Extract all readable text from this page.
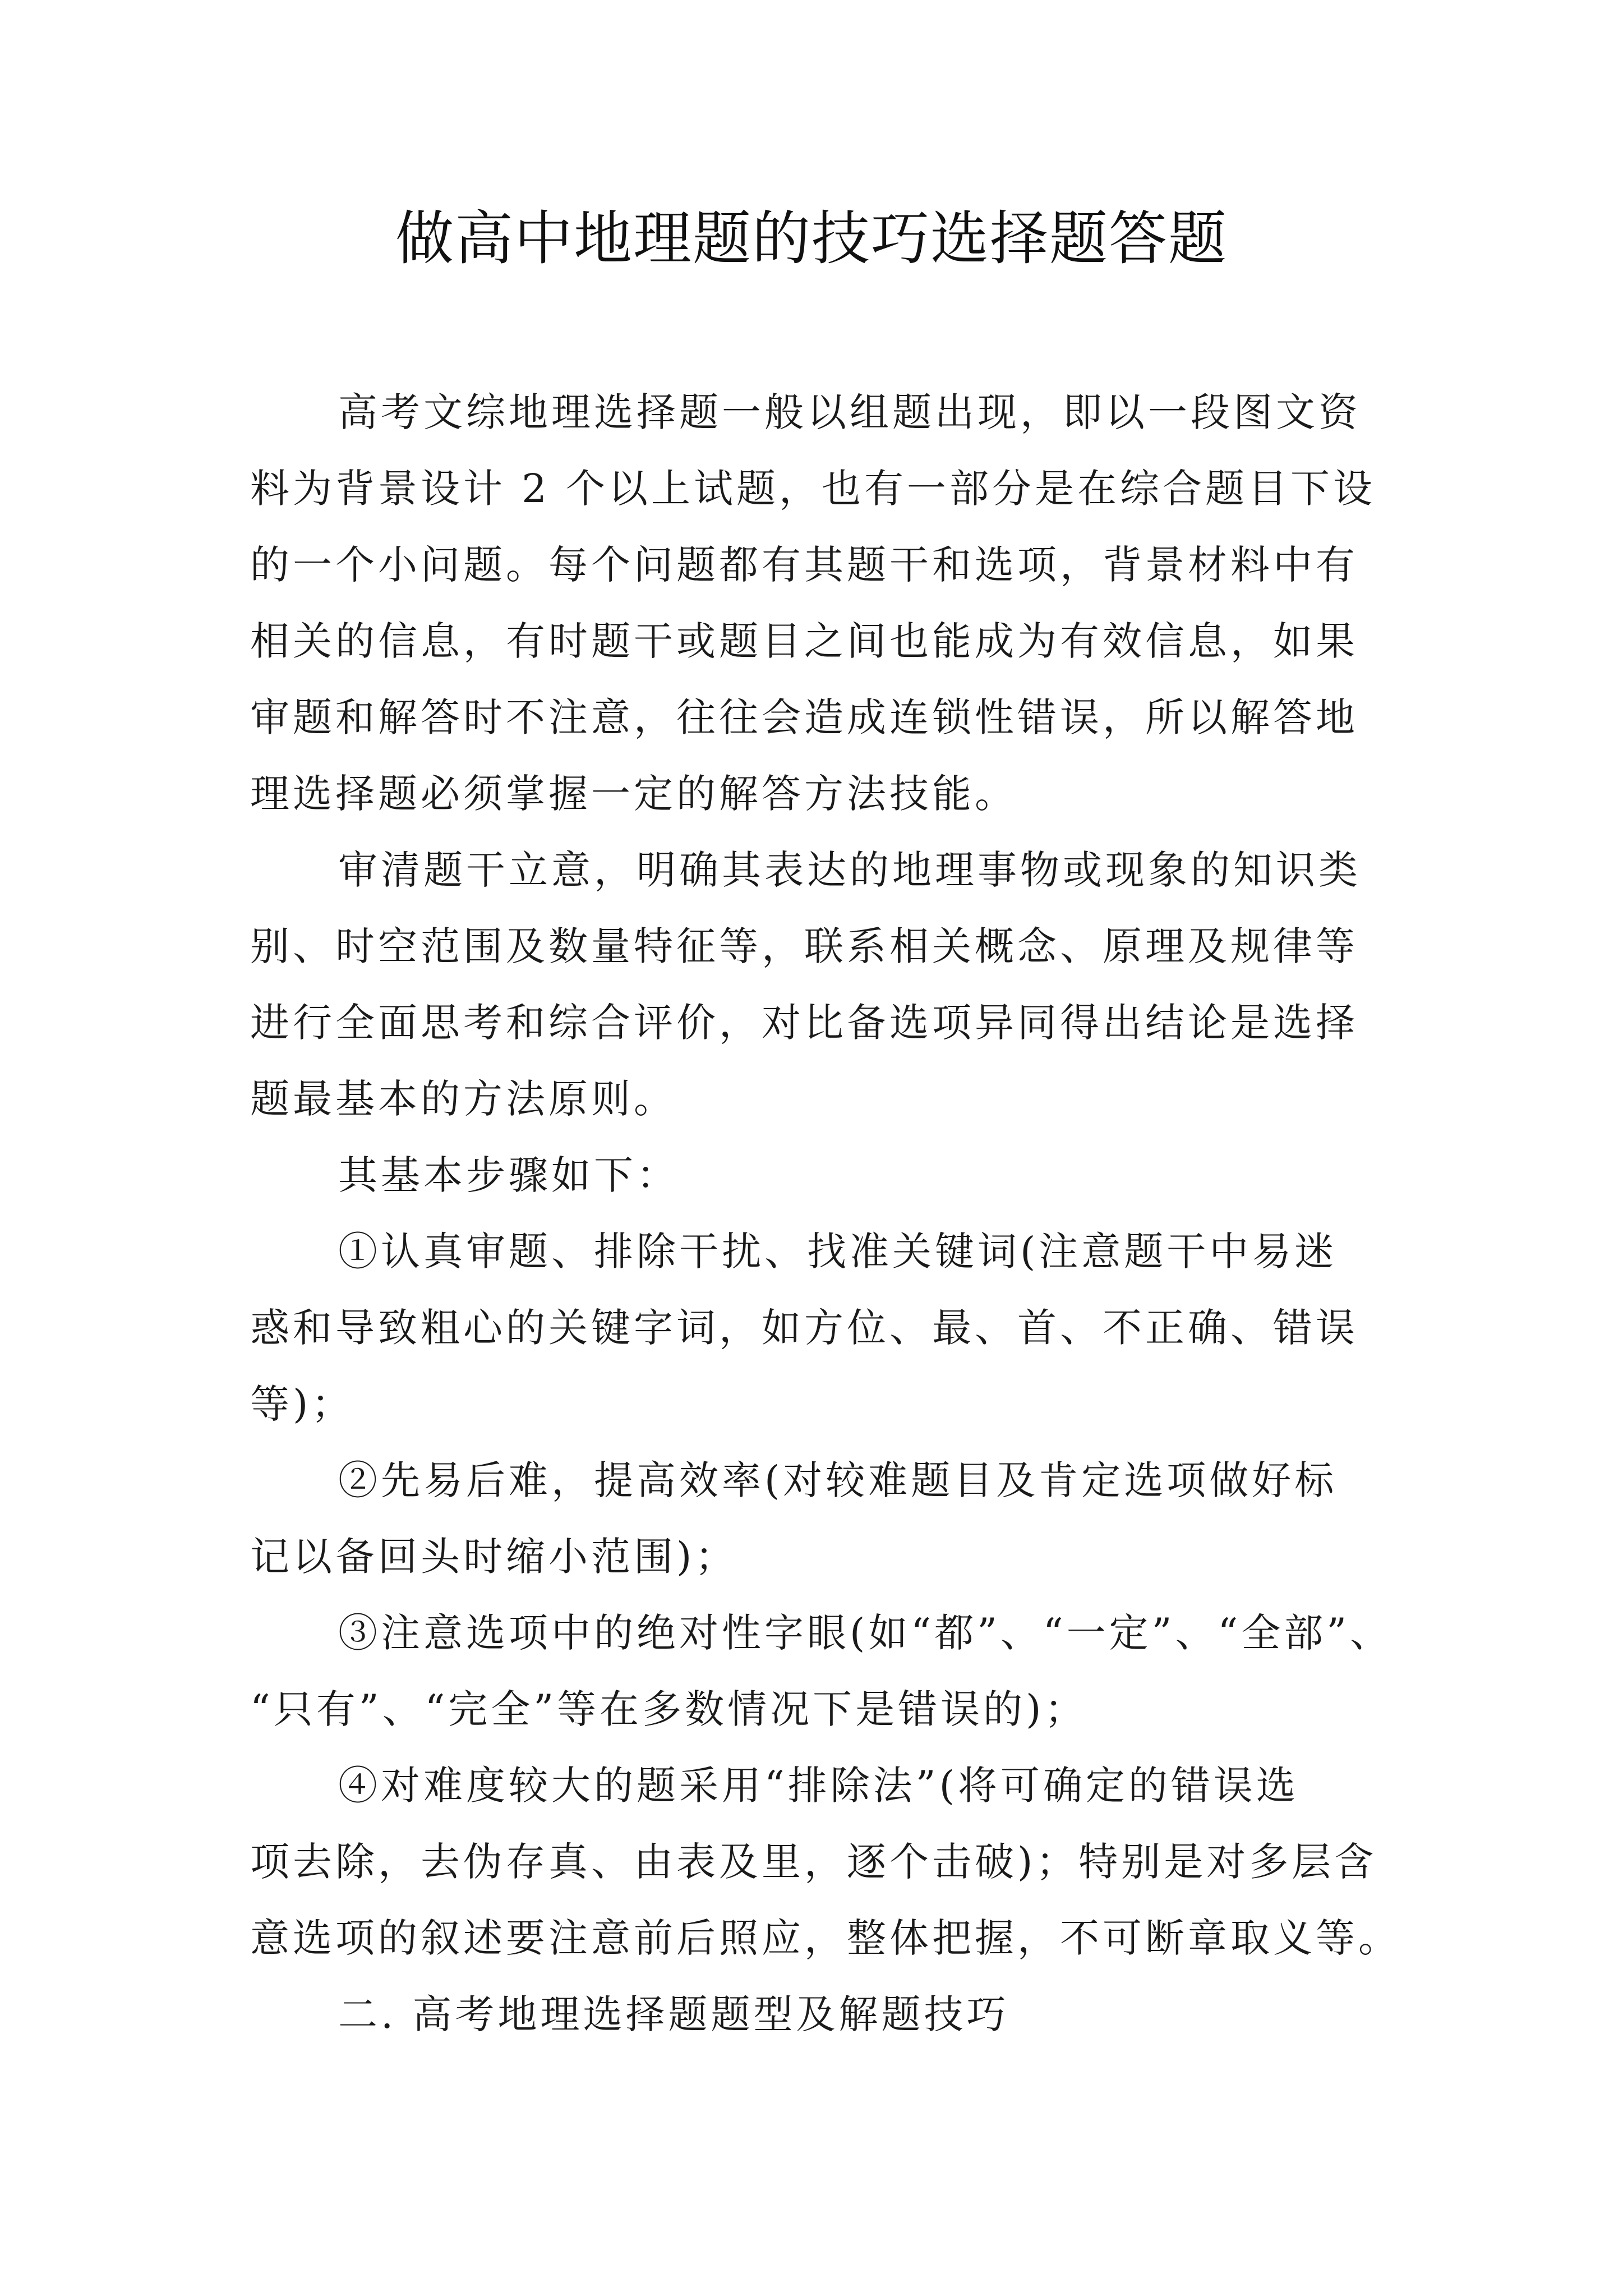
做高中地理题的技巧选择题答题
高考文综地理选择题一般以组题出现，即以一段图文资
料为背景设计 2 个以上试题，也有一部分是在综合题目下设
的一个小问题。每个问题都有其题干和选项，背景材料中有
相关的信息，有时题干或题目之间也能成为有效信息，如果
审题和解答时不注意，往往会造成连锁性错误，所以解答地
理选择题必须掌握一定的解答方法技能。
审清题干立意，明确其表达的地理事物或现象的知识类
别、时空范围及数量特征等，联系相关概念、原理及规律等
进行全面思考和综合评价，对比备选项异同得出结论是选择
题最基本的方法原则。
其基本步骤如下：
①认真审题、排除干扰、找准关键词(注意题干中易迷
惑和导致粗心的关键字词，如方位、最、首、不正确、错误
等)；
②先易后难，提高效率(对较难题目及肯定选项做好标
记以备回头时缩小范围)；
③注意选项中的绝对性字眼(如“都”、“一定”、“全部”、
“只有”、“完全”等在多数情况下是错误的)；
④对难度较大的题采用“排除法”(将可确定的错误选
项去除，去伪存真、由表及里，逐个击破)；特别是对多层含
意选项的叙述要注意前后照应，整体把握，不可断章取义等。
二. 高考地理选择题题型及解题技巧
